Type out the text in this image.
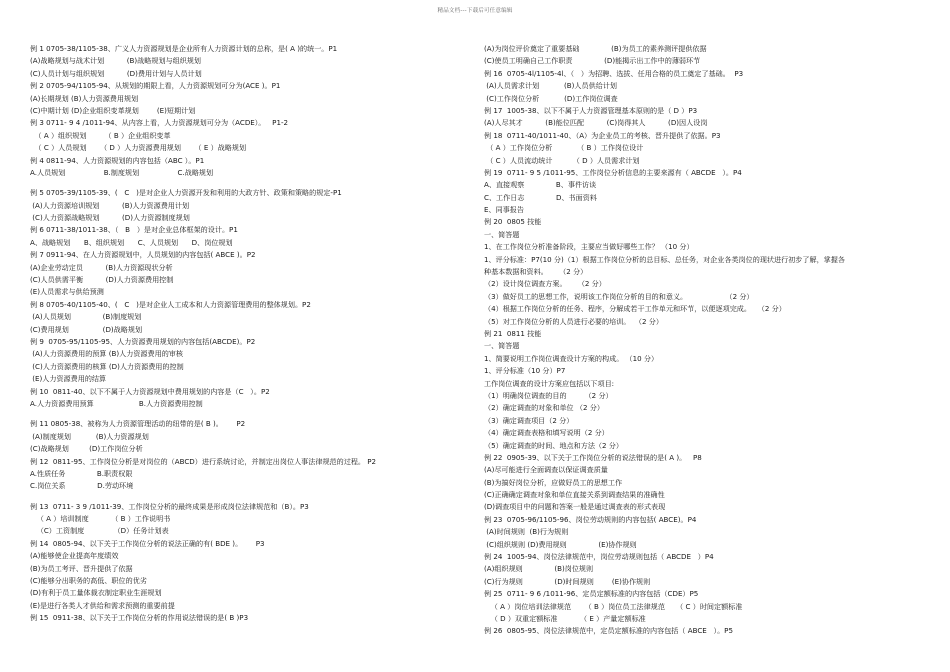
精品文档---下载后可任意编辑
例 1 0705-38/1105-38、广义人力资源规划是企业所有人力资源计划的总称，是( A )的统一。P1
(A)战略规划与战术计划          (B)战略规划与组织规划
(C)人员计划与组织规划          (D)费用计划与人员计划
例 2 0705-94/1105-94、从规划的期限上看，人力资源规划可分为(ACE )。P1
(A)长期规划 (B)人力资源费用规划
(C)中期计划 (D)企业组织变革规划        (E)短期计划
例 3 0711- 9 4 /1011-94、从内容上看，人力资源规划可分为（ACDE）。   P1-2
（ A ）组织规划        （ B ）企业组织变革
（ C ）人员规划      （ D ）人力资源费用规划      （ E ）战略规划
例 4 0811-94、人力资源规划的内容包括（ABC ）。P1
A.人员规划                 B.制度规划                 C.战略规划
例 5 0705-39/1105-39、(   C   )是对企业人力资源开发和利用的大政方针、政策和策略的规定-P1
(A)人力资源培训规划          (B)人力资源费用计划
(C)人力资源战略规划          (D)人力资源制度规划
例 6 0711-38/1011-38、（   B   ）是对企业总体框架的设计。P1
A、战略规划      B、组织规划      C、人员规划      D、岗位规划
例 7 0911-94、在人力资源规划中，人员规划的内容包括( ABCE )。P2
(A)企业劳动定员          (B)人力资源现状分析
(C)人员供需平衡          (D)人力资源费用控制
(E)人员需求与供给预测
例 8 0705-40/1105-40、(   C   )是对企业人工成本和人力资源管理费用的整体规划。P2
(A)人员规划              (B)制度规划
(C)费用规划               (D)战略规划
例 9  0705-95/1105-95、人力资源费用规划的内容包括(ABCDE)。P2
(A)人力资源费用的预算 (B)人力资源费用的审核
(C)人力资源费用的核算 (D)人力资源费用的控制
(E)人力资源费用的结算
例 10  0811-40、以下不属于人力资源规划中费用规划的内容是（C   ）。P2
A.人力资源费用预算                    B.人力资源费用控制
例 11 0805-38、被称为人力资源管理活动的纽带的是( B )。      P2
(A)制度规划           (B)人力资源规划
(C)战略规划         (D)工作岗位分析
例 12  0811-95、工作岗位分析是对岗位的（ABCD）进行系统讨论，并制定出岗位人事法律规范的过程。 P2
A.性质任务              B.职责权限
C.岗位关系              D.劳动环境
例 13  0711- 3 9 /1011-39、工作岗位分析的最终成果是形成岗位法律规范和（B）。P3
（ A ）培训制度          （ B ）工作说明书
（C）工资制度             （D）任务计划表
例 14  0805-94、以下关于工作岗位分析的说法正确的有( BDE )。      P3
(A)能够使企业提高年度绩效
(B)为员工考评、晋升提供了依据
(C)能够分出职务的高低、职位的优劣
(D)有利于员工量体裁衣制定职业生涯规划
(E)是进行各类人才供给和需求预测的重要前提
例 15  0911-38、以下关于工作岗位分析的作用说法错误的是( B )P3
(A)为岗位评价奠定了重要基础              (B)为员工的素养测评提供依据
(C)使员工明确自己工作职责              (D)能揭示出工作中的薄弱环节
例 16  0705-4l/1105-4l、（   ）为招聘、选拔、任用合格的员工奠定了基础。  P3
(A)人员需求计划           (B)人员供给计划
(C)工作岗位分析           (D)工作岗位调查
例 17  1005-38、以下不属于人力资源管理基本原则的是（ D ）P3
(A)人尽其才          (B)能位匹配          (C)岗得其人          (D)因人设岗
例 18  0711-40/1011-40、（A）为企业员工的考核、晋升提供了依据。P3
（ A ）工作岗位分析           （ B ）工作岗位设计
（ C ）人员流动统计         （ D ）人员需求计划
例 19  0711- 9 5 /1011-95、工作岗位分析信息的主要来源有（ ABCDE   ）。P4
A、直接观察              B、事件访谈
C、工作日志              D、书面资料
E、同事报告
例 20  0805 技能
一、简答题
1、在工作岗位分析准备阶段，主要应当做好哪些工作？ （10 分）
1、评分标准：P7(10 分)（1）根据工作岗位分析的总目标、总任务，对企业各类岗位的现状进行初步了解，掌握各
种基本数据和资料。     （2 分）
（2）设计岗位调查方案。     （2 分）
（3）做好员工的思想工作，说明该工作岗位分析的目的和意义。                 （2 分）
（4）根据工作岗位分析的任务、程序，分解成若干工作单元和环节，以便逐项完成。   （2 分）
（5）对工作岗位分析的人员进行必要的培训。  （2 分）
例 21  0811 技能
一、简答题
1、简要说明工作岗位调查设计方案的构成。 （10 分）
1、评分标准（10 分）P7
工作岗位调查的设计方案应包括以下项目:
（1）明确岗位调查的目的        （2 分）
（2）确定调查的对象和单位 （2 分）
（3）确定调查项目（2 分）
（4）确定调查表格和填写说明（2 分）
（5）确定调查的时间、地点和方法（2 分）
例 22  0905-39、以下关于工作岗位分析的说法错误的是( A )。   P8
(A)尽可能进行全面调查以保证调查质量
(B)为搞好岗位分析，应做好员工的思想工作
(C)正确确定调查对象和单位直接关系到调查结果的准确性
(D)调查项目中的问题和答案一般是通过调查表的形式表现
例 23  0705-96/1105-96、岗位劳动规则的内容包括( ABCE)。P4
(A)时间规则  (B)行为规则
(C)组织规则 (D)费用规则              (E)协作规则
例 24  1005-94、岗位法律规范中，岗位劳动规则包括（ ABCDE   ）P4
(A)组织规则              (B)岗位规则
(C)行为规则              (D)时间规则        (E)协作规则
例 25  0711- 9 6 /1011-96、定员定额标准的内容包括（CDE）P5
（ A ）岗位培训法律规范      （ B ）岗位员工法律规范     （ C ）时间定额标准
（ D ）双重定额标准          （ E ）产量定额标准
例 26  0805-95、岗位法律规范中，定员定额标准的内容包括（ ABCE   ）。P5
